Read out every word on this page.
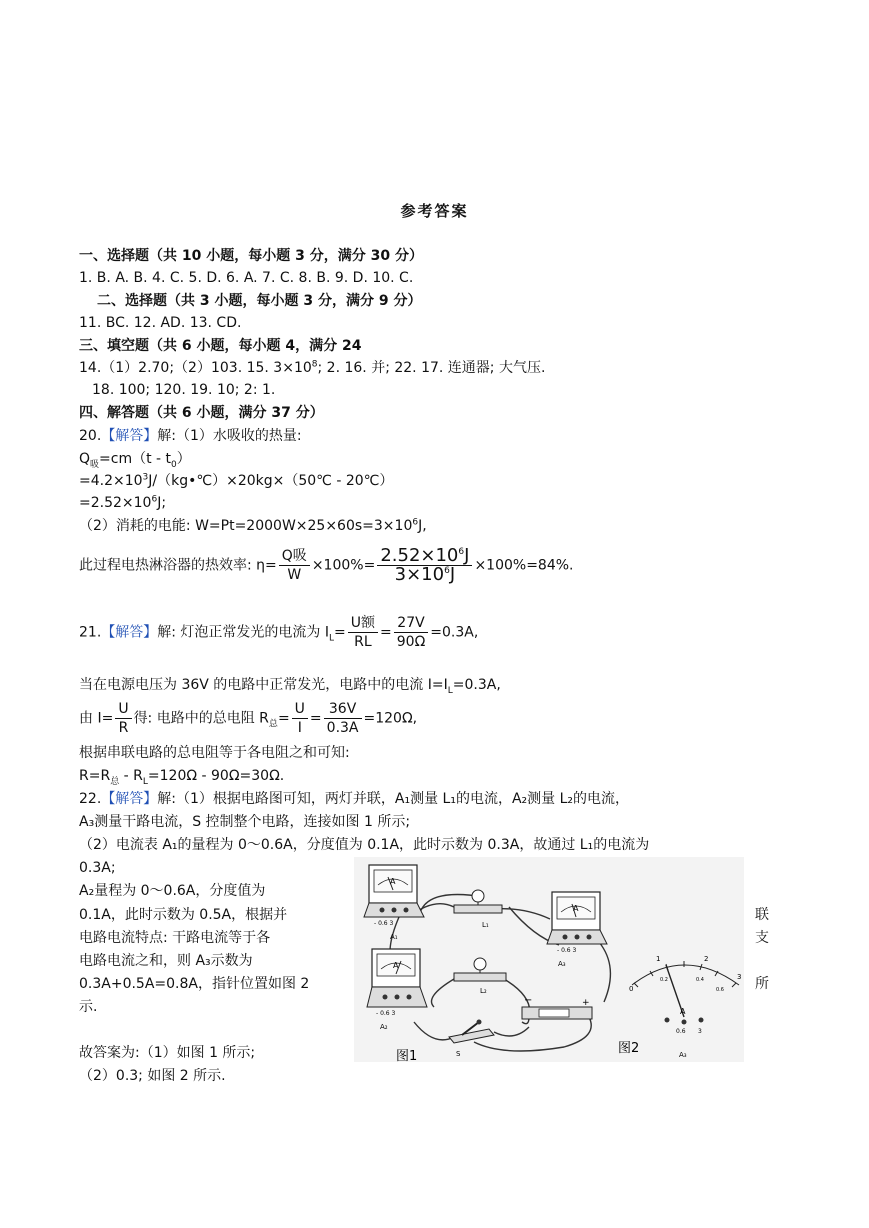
参考答案
一、选择题（共 10 小题，每小题 3 分，满分 30 分）
1. B. A. B. 4. C. 5. D. 6. A. 7. C. 8. B. 9. D. 10. C.
二、选择题（共 3 小题，每小题 3 分，满分 9 分）
11. BC. 12. AD. 13. CD.
三、填空题（共 6 小题，每小题 4，满分 24
14.（1）2.70;（2）103. 15. $3\times 10^8$; 2. 16. 并; 22. 17. 连通器; 大气压.
18. 100; 120. 19. 10; 2: 1.
四、解答题（共 6 小题，满分 37 分）
20.【解答】解:（1）水吸收的热量:
$Q_吸=cm(t - t_0)$
$=4.2\times 10^3J/(kg•℃)\times 20kg\times(50℃$ - 20℃）
$=2.52\times 10^6J$;
（2）消耗的电能: $W=Pt=2000W\times 25\times 60s=3\times 10^6J$,
此过程电热淋浴器的热效率: $\eta= \frac{\text{Q吸}}{W} \times 100\%= \frac{2.52\times 10^6J}{3\times 10^6J} \times 100\%=84\%$.
21.【解答】解: 灯泡正常发光的电流为 $I_L= \frac{\text{U额}}{RL} = \frac{27V}{90\Omega} =0.3A$,
当在电源电压为 36V 的电路中正常发光，电路中的电流 $I=I_L=0.3A$,
由 $I= \frac{U}{R}$ 得: 电路中的总电阻 $R_总= \frac{U}{I} = \frac{36V}{0.3A} =120\Omega$,
根据串联电路的总电阻等于各电阻之和可知:
$R=R_总 - R_L=120\Omega - 90\Omega=30\Omega$.
22.【解答】解:（1）根据电路图可知，两灯并联，A₁测量 L₁的电流，A₂测量 L₂的电流，
A₃测量干路电流，S 控制整个电路，连接如图 1 所示;
（2）电流表 A₁的量程为 0～0.6A，分度值为 0.1A，此时示数为 0.3A，故通过 L₁的电流为
0.3A;
A₂量程为 0～0.6A，分度值为
0.1A，此时示数为 0.5A，根据并
电路电流特点: 干路电流等于各
电路电流之和，则 A₃示数为
0.3A+0.5A=0.8A，指针位置如图 2
示.
联
支
所
故答案为:（1）如图 1 所示;
（2）0.3; 如图 2 所示.
A
- 0.6 3
A₁
L₁
A
- 0.6 3
A₃
A
- 0.6 3
A₂
L₂
−	+
S
图1
图2
0
1	2
3
0.2	0.4
0.6
A
0.6 3
A₃
